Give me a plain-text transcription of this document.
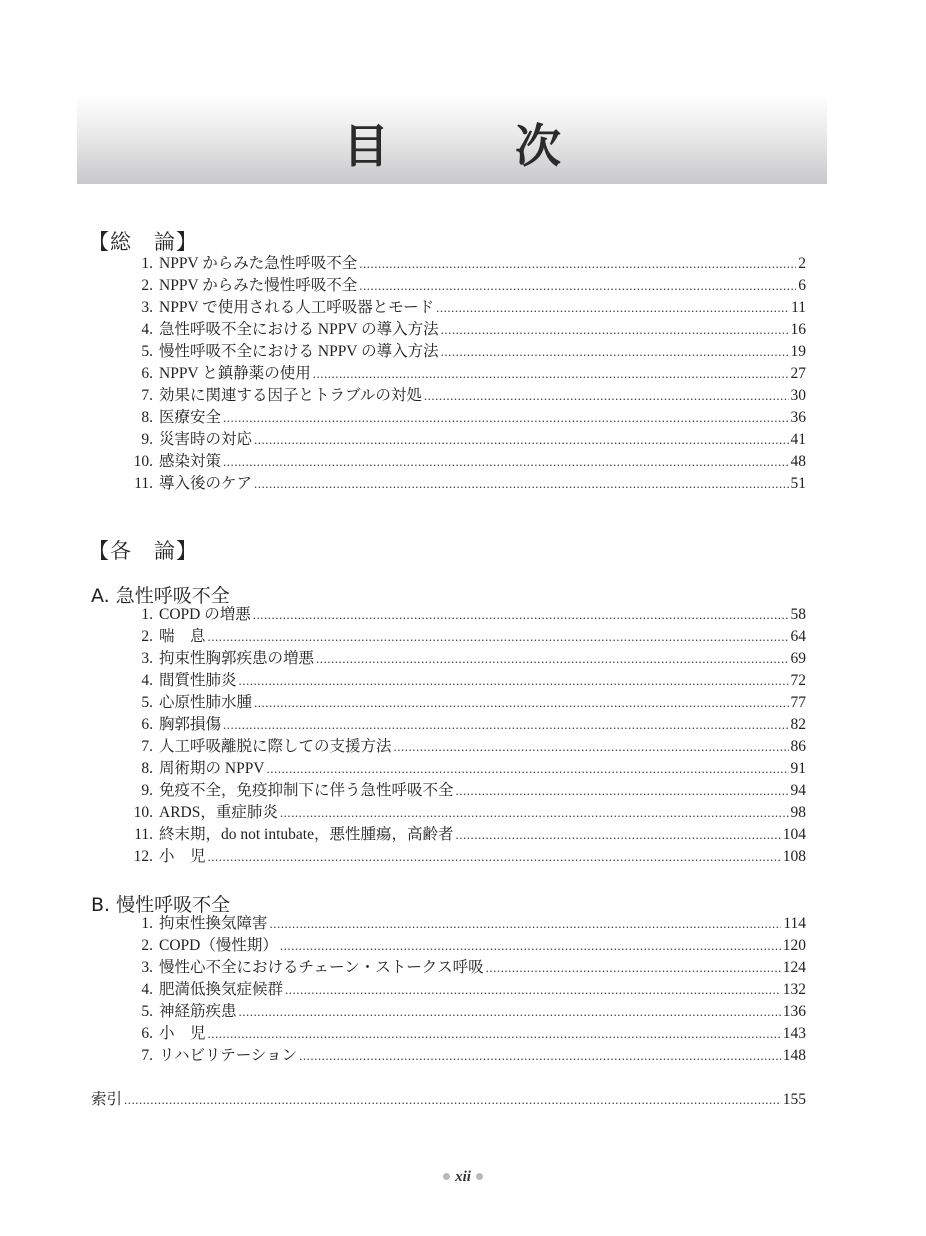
目　次
【総　論】
1. NPPV からみた急性呼吸不全 .....	2
2. NPPV からみた慢性呼吸不全 .....	6
3. NPPV で使用される人工呼吸器とモード .....	11
4. 急性呼吸不全における NPPV の導入方法 .....	16
5. 慢性呼吸不全における NPPV の導入方法 .....	19
6. NPPV と鎮静薬の使用 .....	27
7. 効果に関連する因子とトラブルの対処 .....	30
8. 医療安全 .....	36
9. 災害時の対応 .....	41
10. 感染対策 .....	48
11. 導入後のケア .....	51
【各　論】
A. 急性呼吸不全
1. COPD の増悪 .....	58
2. 喘　息 .....	64
3. 拘束性胸郭疾患の増悪 .....	69
4. 間質性肺炎 .....	72
5. 心原性肺水腫 .....	77
6. 胸郭損傷 .....	82
7. 人工呼吸離脱に際しての支援方法 .....	86
8. 周術期の NPPV .....	91
9. 免疫不全，免疫抑制下に伴う急性呼吸不全 .....	94
10. ARDS，重症肺炎 .....	98
11. 終末期，do not intubate，悪性腫瘍，高齢者 .....	104
12. 小　児 .....	108
B. 慢性呼吸不全
1. 拘束性換気障害 .....	114
2. COPD（慢性期） .....	120
3. 慢性心不全におけるチェーン・ストークス呼吸 .....	124
4. 肥満低換気症候群 .....	132
5. 神経筋疾患 .....	136
6. 小　児 .....	143
7. リハビリテーション .....	148
索引 .....	155
xii
